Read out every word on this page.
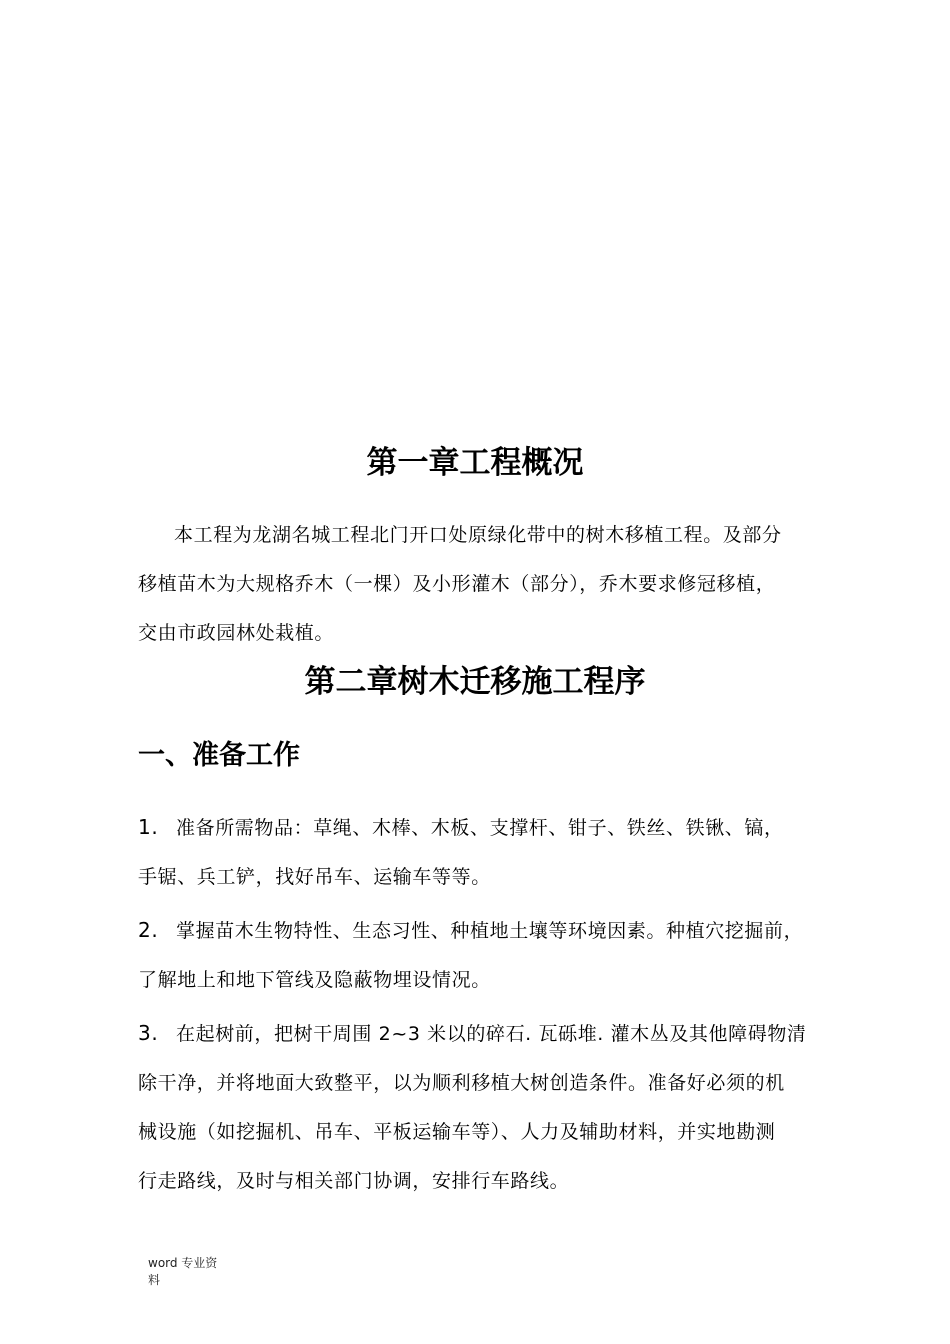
第一章工程概况
本工程为龙湖名城工程北门开口处原绿化带中的树木移植工程。及部分
移植苗木为大规格乔木（一棵）及小形灌木（部分），乔木要求修冠移植，
交由市政园林处栽植。
第二章树木迁移施工程序
一、准备工作
1. 准备所需物品：草绳、木棒、木板、支撑杆、钳子、铁丝、铁锹、镐，
手锯、兵工铲，找好吊车、运输车等等。
2. 掌握苗木生物特性、生态习性、种植地土壤等环境因素。种植穴挖掘前，
了解地上和地下管线及隐蔽物埋设情况。
3. 在起树前，把树干周围 2~3 米以的碎石. 瓦砾堆. 灌木丛及其他障碍物清
除干净，并将地面大致整平，以为顺利移植大树创造条件。准备好必须的机
械设施（如挖掘机、吊车、平板运输车等）、人力及辅助材料，并实地勘测
行走路线，及时与相关部门协调，安排行车路线。
word 专业资
料
